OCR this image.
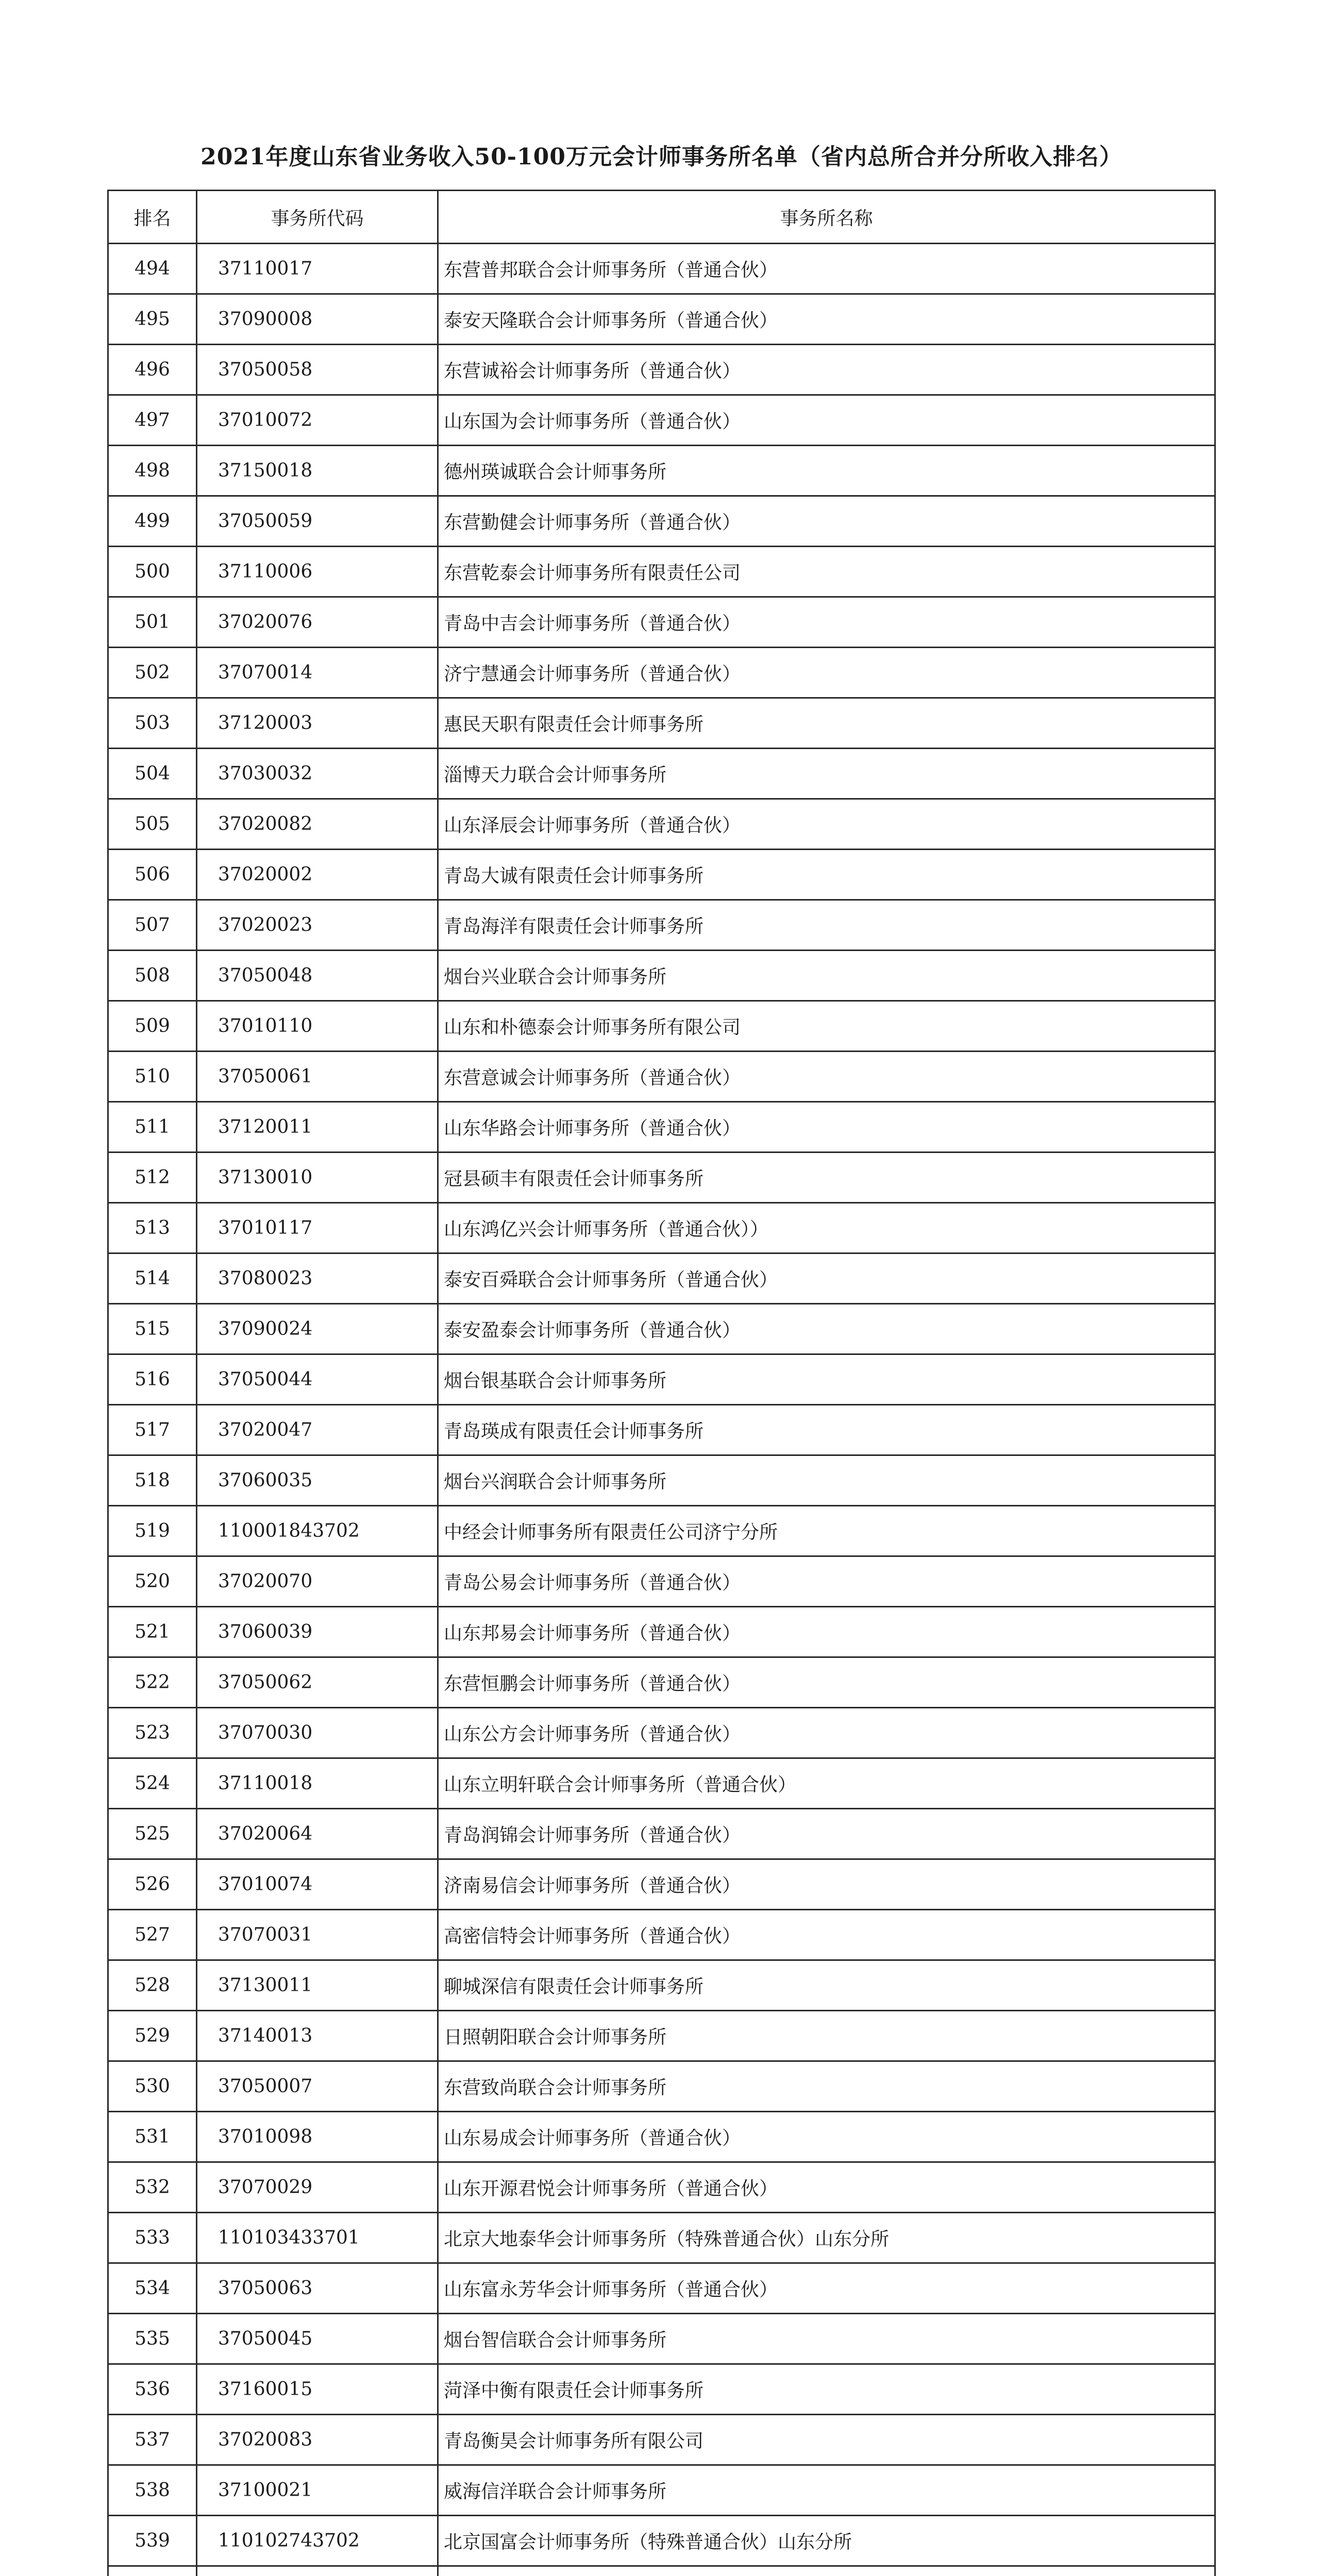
2021年度山东省业务收入50-100万元会计师事务所名单（省内总所合并分所收入排名）
排名	事务所代码	事务所名称
494	37110017	东营普邦联合会计师事务所（普通合伙）
495	37090008	泰安天隆联合会计师事务所（普通合伙）
496	37050058	东营诚裕会计师事务所（普通合伙）
497	37010072	山东国为会计师事务所（普通合伙）
498	37150018	德州瑛诚联合会计师事务所
499	37050059	东营勤健会计师事务所（普通合伙）
500	37110006	东营乾泰会计师事务所有限责任公司
501	37020076	青岛中吉会计师事务所（普通合伙）
502	37070014	济宁慧通会计师事务所（普通合伙）
503	37120003	惠民天职有限责任会计师事务所
504	37030032	淄博天力联合会计师事务所
505	37020082	山东泽辰会计师事务所（普通合伙）
506	37020002	青岛大诚有限责任会计师事务所
507	37020023	青岛海洋有限责任会计师事务所
508	37050048	烟台兴业联合会计师事务所
509	37010110	山东和朴德泰会计师事务所有限公司
510	37050061	东营意诚会计师事务所（普通合伙）
511	37120011	山东华路会计师事务所（普通合伙）
512	37130010	冠县硕丰有限责任会计师事务所
513	37010117	山东鸿亿兴会计师事务所（普通合伙））
514	37080023	泰安百舜联合会计师事务所（普通合伙）
515	37090024	泰安盈泰会计师事务所（普通合伙）
516	37050044	烟台银基联合会计师事务所
517	37020047	青岛瑛成有限责任会计师事务所
518	37060035	烟台兴润联合会计师事务所
519	110001843702	中经会计师事务所有限责任公司济宁分所
520	37020070	青岛公易会计师事务所（普通合伙）
521	37060039	山东邦易会计师事务所（普通合伙）
522	37050062	东营恒鹏会计师事务所（普通合伙）
523	37070030	山东公方会计师事务所（普通合伙）
524	37110018	山东立明轩联合会计师事务所（普通合伙）
525	37020064	青岛润锦会计师事务所（普通合伙）
526	37010074	济南易信会计师事务所（普通合伙）
527	37070031	高密信特会计师事务所（普通合伙）
528	37130011	聊城深信有限责任会计师事务所
529	37140013	日照朝阳联合会计师事务所
530	37050007	东营致尚联合会计师事务所
531	37010098	山东易成会计师事务所（普通合伙）
532	37070029	山东开源君悦会计师事务所（普通合伙）
533	110103433701	北京大地泰华会计师事务所（特殊普通合伙）山东分所
534	37050063	山东富永芳华会计师事务所（普通合伙）
535	37050045	烟台智信联合会计师事务所
536	37160015	菏泽中衡有限责任会计师事务所
537	37020083	青岛衡昊会计师事务所有限公司
538	37100021	威海信洋联合会计师事务所
539	110102743702	北京国富会计师事务所（特殊普通合伙）山东分所
